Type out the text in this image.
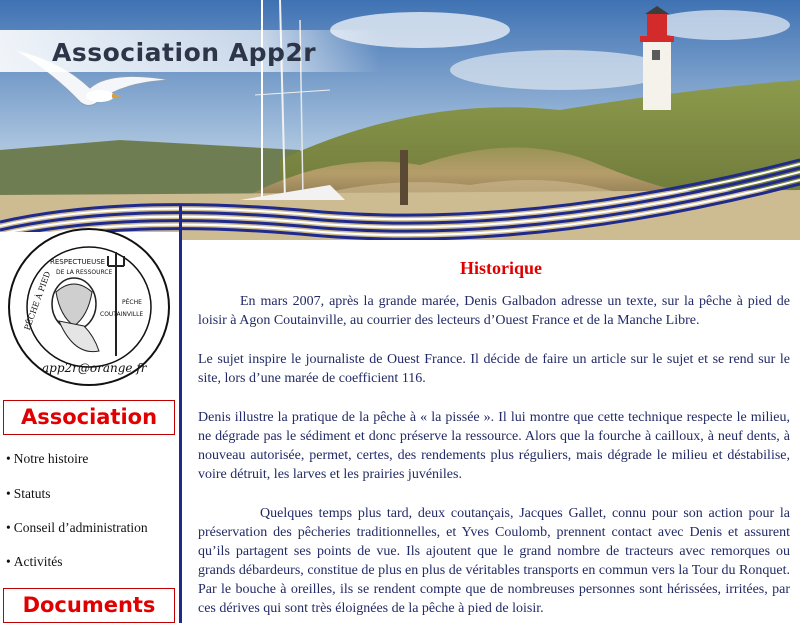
Association App2r
RESPECTUEUSE
DE LA RESSOURCE
PÊCHE À PIED	PÊCHE
COUTAINVILLE
app2r@orange.fr
Association
• Notre histoire
• Statuts
• Conseil d’administration
• Activités
Documents
Historique

En mars 2007, après la grande marée, Denis Galbadon adresse un texte, sur la pêche à pied de loisir à Agon Coutainville, au courrier des lecteurs d’Ouest France et de la Manche Libre.

Le sujet inspire le journaliste de Ouest France. Il décide de faire un article sur le sujet et se rend sur le site, lors d’une marée de coefficient 116.

Denis illustre la pratique de la pêche à « la pissée ». Il lui montre que cette technique respecte le milieu, ne dégrade pas le sédiment et donc préserve la ressource. Alors que la fourche à cailloux, à neuf dents, à nouveau autorisée, permet, certes, des rendements plus réguliers, mais dégrade le milieu et déstabilise, voire détruit, les larves et les prairies juvéniles.

Quelques temps plus tard, deux coutançais, Jacques Gallet, connu pour son action pour la préservation des pêcheries traditionnelles, et Yves Coulomb, prennent contact avec Denis et assurent qu’ils partagent ses points de vue. Ils ajoutent que le grand nombre de tracteurs avec remorques ou grands débardeurs, constitue de plus en plus de véritables transports en commun vers la Tour du Ronquet. Par le bouche à oreilles, ils se rendent compte que de nombreuses personnes sont hérissées, irritées, par ces dérives qui sont très éloignées de la pêche à pied de loisir.
